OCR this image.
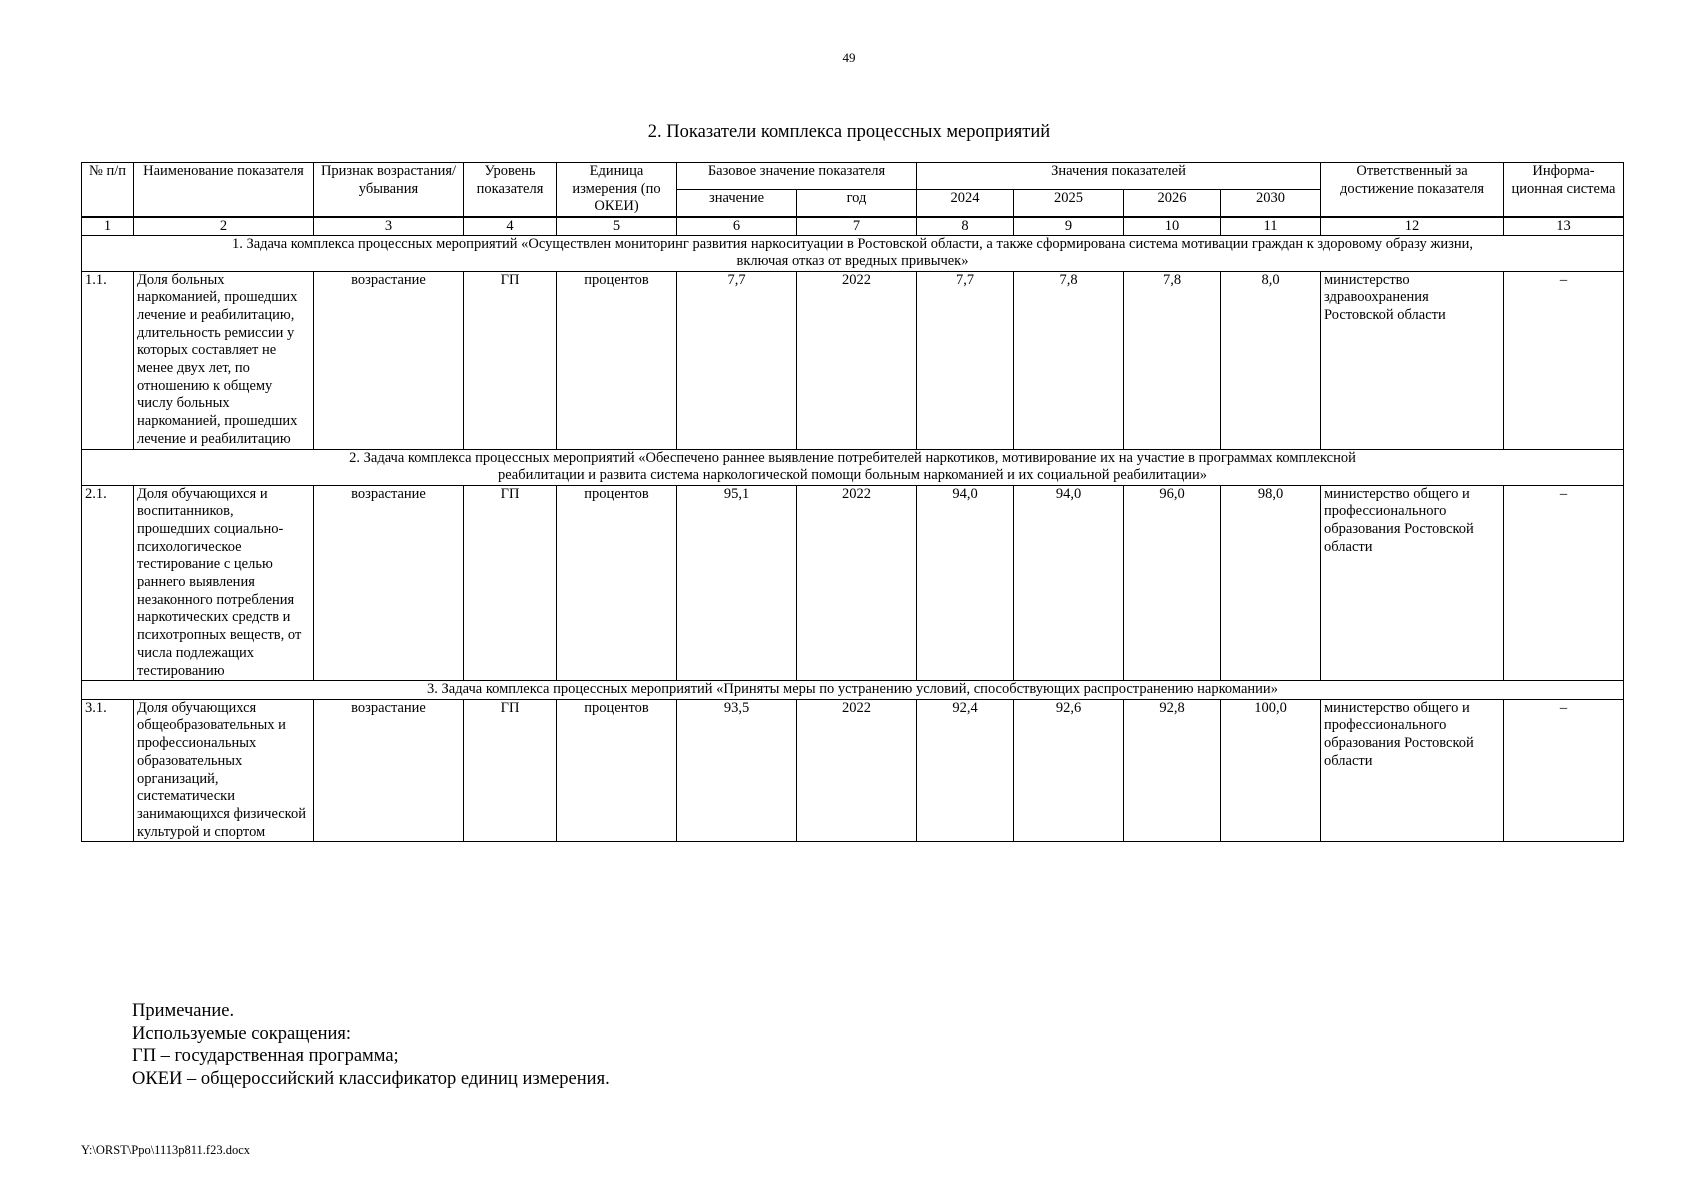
49
2. Показатели комплекса процессных мероприятий
№ п/п	Наименование показателя	Признак возрастания/убывания	Уровень показателя	Единица измерения (по ОКЕИ)	Базовое значение показателя		Значения показателей				Ответственный за достижение показателя	Информа-ционная система
					значение	год	2024	2025	2026	2030		
1	2	3	4	5	6	7	8	9	10	11	12	13
1. Задача комплекса процессных мероприятий «Осуществлен мониторинг развития наркоситуации в Ростовской области, а также сформирована система мотивации граждан к здоровому образу жизни, включая отказ от вредных привычек»												
1.1.	Доля больных наркоманией, прошедших лечение и реабилитацию, длительность ремиссии у которых составляет не менее двух лет, по отношению к общему числу больных наркоманией, прошедших лечение и реабилитацию	возрастание	ГП	процентов	7,7	2022	7,7	7,8	7,8	8,0	министерство здравоохранения Ростовской области	–
2. Задача комплекса процессных мероприятий «Обеспечено раннее выявление потребителей наркотиков, мотивирование их на участие в программах комплексной реабилитации и развита система наркологической помощи больным наркоманией и их социальной реабилитации»												
2.1.	Доля обучающихся и воспитанников, прошедших социально-психологическое тестирование с целью раннего выявления незаконного потребления наркотических средств и психотропных веществ, от числа подлежащих тестированию	возрастание	ГП	процентов	95,1	2022	94,0	94,0	96,0	98,0	министерство общего и профессионального образования Ростовской области	–
3. Задача комплекса процессных мероприятий «Приняты меры по устранению условий, способствующих распространению наркомании»												
3.1.	Доля обучающихся общеобразовательных и профессиональных образовательных организаций, систематически занимающихся физической культурой и спортом	возрастание	ГП	процентов	93,5	2022	92,4	92,6	92,8	100,0	министерство общего и профессионального образования Ростовской области	–
Примечание.
Используемые сокращения:
ГП – государственная программа;
ОКЕИ – общероссийский классификатор единиц измерения.
Y:\ORST\Ppo\1113p811.f23.docx
